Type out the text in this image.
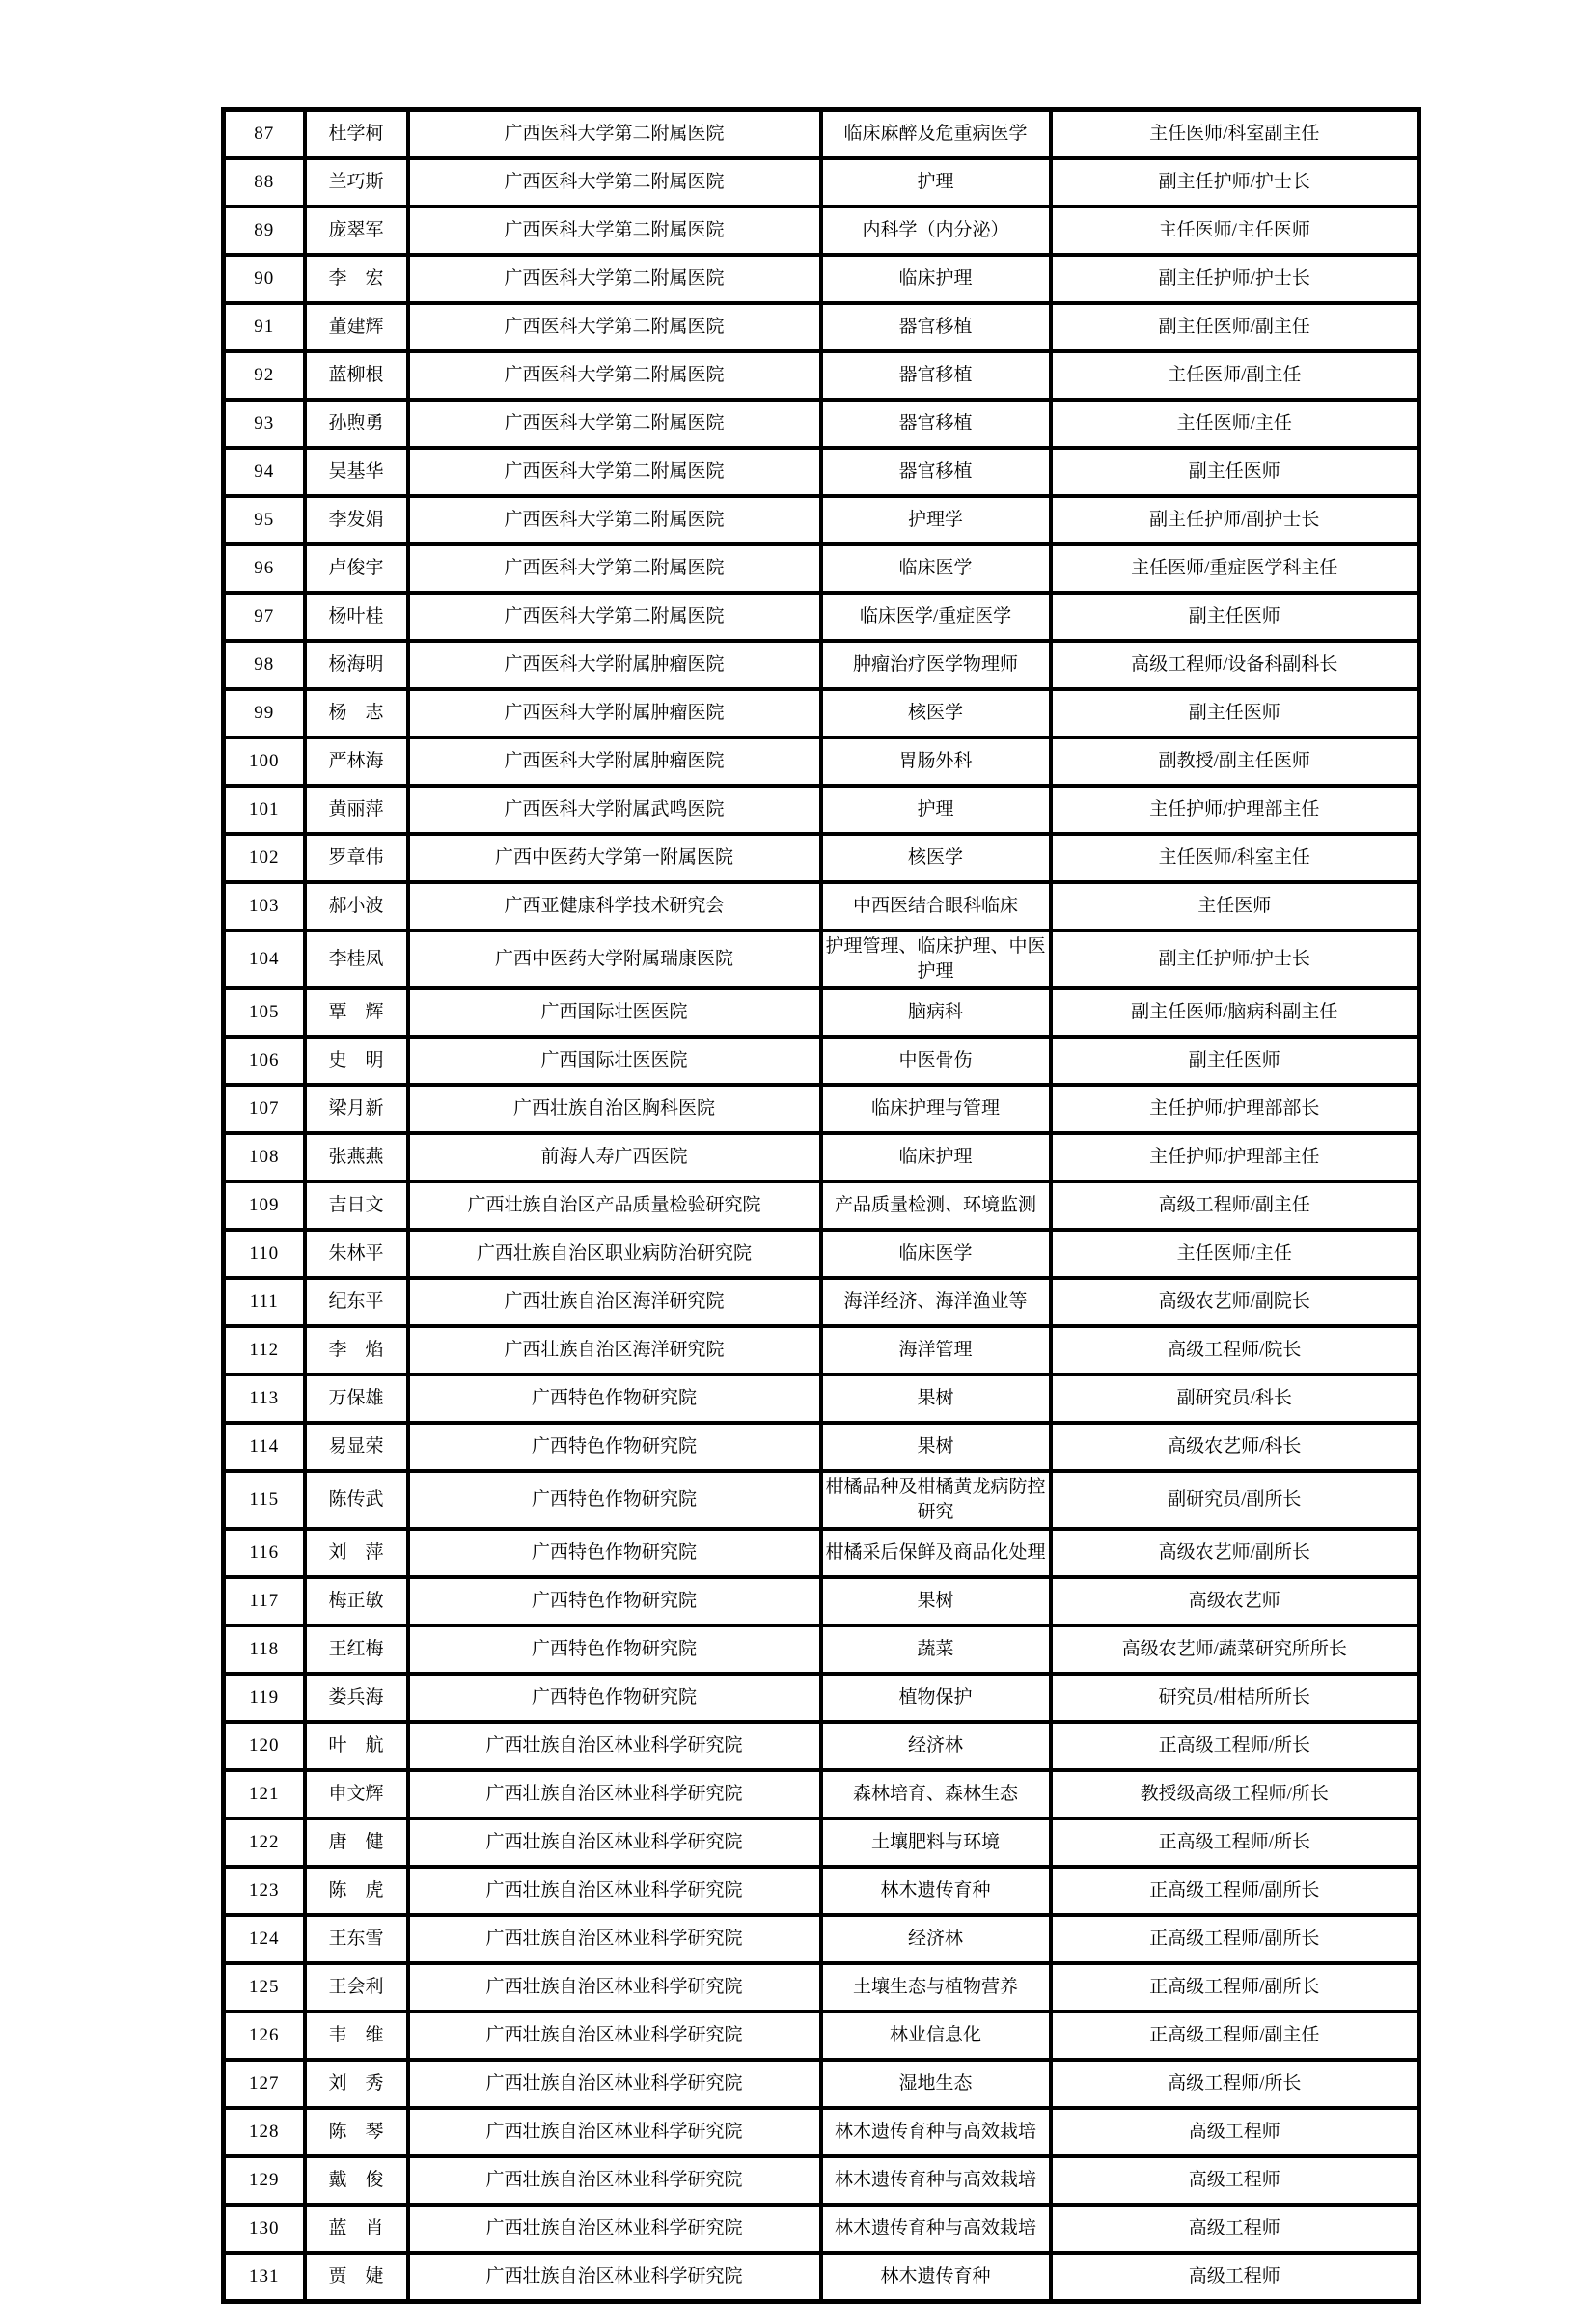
87	杜学柯	广西医科大学第二附属医院	临床麻醉及危重病医学	主任医师/科室副主任
88	兰巧斯	广西医科大学第二附属医院	护理	副主任护师/护士长
89	庞翠军	广西医科大学第二附属医院	内科学（内分泌）	主任医师/主任医师
90	李　宏	广西医科大学第二附属医院	临床护理	副主任护师/护士长
91	董建辉	广西医科大学第二附属医院	器官移植	副主任医师/副主任
92	蓝柳根	广西医科大学第二附属医院	器官移植	主任医师/副主任
93	孙煦勇	广西医科大学第二附属医院	器官移植	主任医师/主任
94	吴基华	广西医科大学第二附属医院	器官移植	副主任医师
95	李发娟	广西医科大学第二附属医院	护理学	副主任护师/副护士长
96	卢俊宇	广西医科大学第二附属医院	临床医学	主任医师/重症医学科主任
97	杨叶桂	广西医科大学第二附属医院	临床医学/重症医学	副主任医师
98	杨海明	广西医科大学附属肿瘤医院	肿瘤治疗医学物理师	高级工程师/设备科副科长
99	杨　志	广西医科大学附属肿瘤医院	核医学	副主任医师
100	严林海	广西医科大学附属肿瘤医院	胃肠外科	副教授/副主任医师
101	黄丽萍	广西医科大学附属武鸣医院	护理	主任护师/护理部主任
102	罗章伟	广西中医药大学第一附属医院	核医学	主任医师/科室主任
103	郝小波	广西亚健康科学技术研究会	中西医结合眼科临床	主任医师
104	李桂凤	广西中医药大学附属瑞康医院	护理管理、临床护理、中医护理	副主任护师/护士长
105	覃　辉	广西国际壮医医院	脑病科	副主任医师/脑病科副主任
106	史　明	广西国际壮医医院	中医骨伤	副主任医师
107	梁月新	广西壮族自治区胸科医院	临床护理与管理	主任护师/护理部部长
108	张燕燕	前海人寿广西医院	临床护理	主任护师/护理部主任
109	吉日文	广西壮族自治区产品质量检验研究院	产品质量检测、环境监测	高级工程师/副主任
110	朱林平	广西壮族自治区职业病防治研究院	临床医学	主任医师/主任
111	纪东平	广西壮族自治区海洋研究院	海洋经济、海洋渔业等	高级农艺师/副院长
112	李　焰	广西壮族自治区海洋研究院	海洋管理	高级工程师/院长
113	万保雄	广西特色作物研究院	果树	副研究员/科长
114	易显荣	广西特色作物研究院	果树	高级农艺师/科长
115	陈传武	广西特色作物研究院	柑橘品种及柑橘黄龙病防控研究	副研究员/副所长
116	刘　萍	广西特色作物研究院	柑橘采后保鲜及商品化处理	高级农艺师/副所长
117	梅正敏	广西特色作物研究院	果树	高级农艺师
118	王红梅	广西特色作物研究院	蔬菜	高级农艺师/蔬菜研究所所长
119	娄兵海	广西特色作物研究院	植物保护	研究员/柑桔所所长
120	叶　航	广西壮族自治区林业科学研究院	经济林	正高级工程师/所长
121	申文辉	广西壮族自治区林业科学研究院	森林培育、森林生态	教授级高级工程师/所长
122	唐　健	广西壮族自治区林业科学研究院	土壤肥料与环境	正高级工程师/所长
123	陈　虎	广西壮族自治区林业科学研究院	林木遗传育种	正高级工程师/副所长
124	王东雪	广西壮族自治区林业科学研究院	经济林	正高级工程师/副所长
125	王会利	广西壮族自治区林业科学研究院	土壤生态与植物营养	正高级工程师/副所长
126	韦　维	广西壮族自治区林业科学研究院	林业信息化	正高级工程师/副主任
127	刘　秀	广西壮族自治区林业科学研究院	湿地生态	高级工程师/所长
128	陈　琴	广西壮族自治区林业科学研究院	林木遗传育种与高效栽培	高级工程师
129	戴　俊	广西壮族自治区林业科学研究院	林木遗传育种与高效栽培	高级工程师
130	蓝　肖	广西壮族自治区林业科学研究院	林木遗传育种与高效栽培	高级工程师
131	贾　婕	广西壮族自治区林业科学研究院	林木遗传育种	高级工程师
